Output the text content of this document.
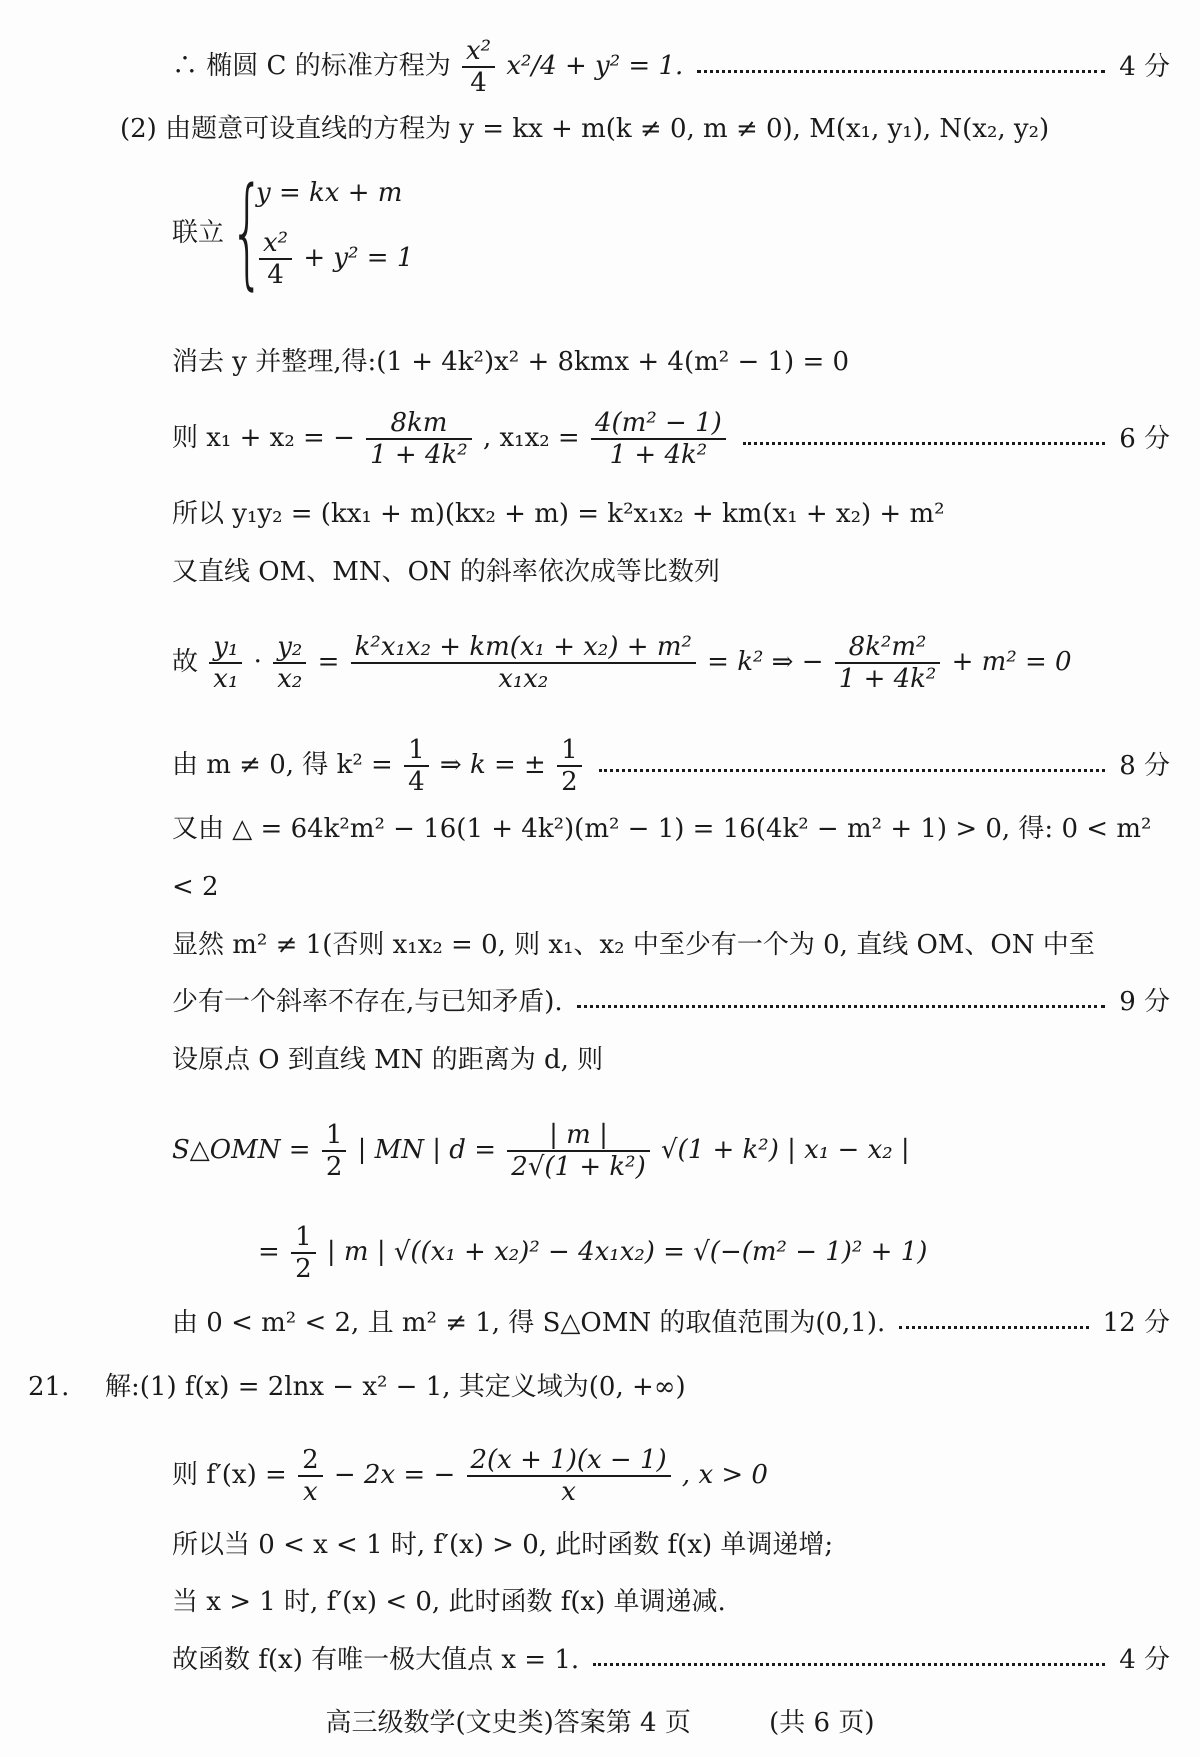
∴ 椭圆 C 的标准方程为 $\frac{\text{x²}}{4} x^2/4 + y^2 = 1$.	4 分
(2) 由题意可设直线的方程为 y = kx + m(k ≠ 0, m ≠ 0), M(x₁, y₁), N(x₂, y₂)
联立 {
y = kx + m
$\frac{\text{x²}}{4} + y^2 = 1$
消去 y 并整理,得:(1 + 4k²)x² + 8kmx + 4(m² − 1) = 0
则 x₁ + x₂ = − $\frac{8km}{\text{1 + 4k²}}$ , $x_1x_2 = \frac{\text{4(m² − 1)}}{\text{1 + 4k²}}$	6 分
所以 y₁y₂ = (kx₁ + m)(kx₂ + m) = k²x₁x₂ + km(x₁ + x₂) + m²
又直线 OM、MN、ON 的斜率依次成等比数列
故 $\frac{\text{y₁}}{\text{x₁}} \cdot \frac{\text{y₂}}{\text{x₂}} = \frac{\text{k²x₁x₂ + km(x₁ + x₂) + m²}}{\text{x₁x₂}} = k^2$ ⇒ − $\frac{\text{8k²m²}}{\text{1 + 4k²}} + m^2 = 0$
由 m ≠ 0, 得 $k^2 = \frac{1}{4}$ ⇒ k = ± $\frac{1}{2}$	8 分
又由 △ = 64k²m² − 16(1 + 4k²)(m² − 1) = 16(4k² − m² + 1) > 0, 得: 0 < m²
< 2
显然 m² ≠ 1(否则 x₁x₂ = 0, 则 x₁、x₂ 中至少有一个为 0, 直线 OM、ON 中至
少有一个斜率不存在,与已知矛盾).	9 分
设原点 O 到直线 MN 的距离为 d, 则
S△OMN = $\frac{1}{2}$ | MN | $d = \frac{| m |}{\text{2√(1 + k²)}} √(1 + k^2)$ | x₁ − x₂ |
= $\frac{1}{2}$ | m | √((x₁ + x₂)² − 4x₁x₂) = √(−(m² − 1)² + 1)
由 0 < m² < 2, 且 m² ≠ 1, 得 S△OMN 的取值范围为(0,1).	12 分
21. 解:(1) f(x) = 2lnx − x² − 1, 其定义域为(0, +∞)
则 $f'(x) = \frac{2}{x} - 2x$ = − $\frac{2(x + 1)(x - 1)}{x}$ , x > 0
所以当 0 < x < 1 时, f′(x) > 0, 此时函数 f(x) 单调递增;
当 x > 1 时, f′(x) < 0, 此时函数 f(x) 单调递减.
故函数 f(x) 有唯一极大值点 x = 1.	4 分
高三级数学(文史类)答案第 4 页	(共 6 页)
